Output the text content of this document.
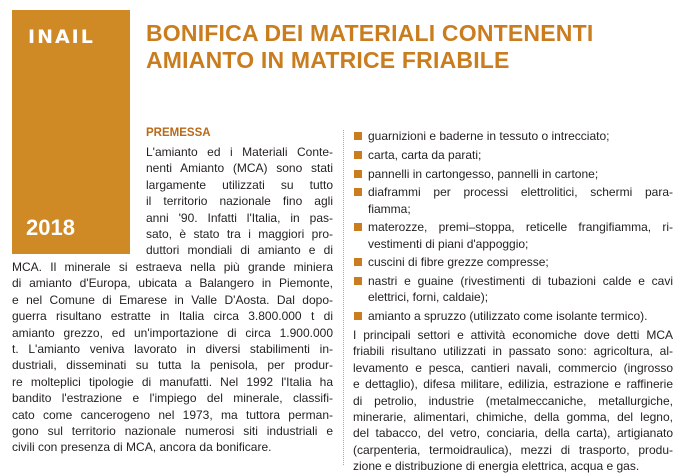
INAIL
2018
BONIFICA DEI MATERIALI CONTENENTI
AMIANTO IN MATRICE FRIABILE
PREMESSA

L'amianto ed i Materiali Conte-
nenti Amianto (MCA) sono stati
largamente utilizzati su tutto
il territorio nazionale fino agli
anni '90. Infatti l'Italia, in pas-
sato, è stato tra i maggiori pro-
duttori mondiali di amianto e di

MCA. Il minerale si estraeva nella più grande miniera
di amianto d'Europa, ubicata a Balangero in Piemonte,
e nel Comune di Emarese in Valle D'Aosta. Dal dopo-
guerra risultano estratte in Italia circa 3.800.000 t di
amianto grezzo, ed un'importazione di circa 1.900.000
t. L'amianto veniva lavorato in diversi stabilimenti in-
dustriali, disseminati su tutta la penisola, per produr-
re molteplici tipologie di manufatti. Nel 1992 l'Italia ha
bandito l'estrazione e l'impiego del minerale, classifi-
cato come cancerogeno nel 1973, ma tuttora perman-
gono sul territorio nazionale numerosi siti industriali e
civili con presenza di MCA, ancora da bonificare.

guarnizioni e baderne in tessuto o intrecciato;
carta, carta da parati;
pannelli in cartongesso, pannelli in cartone;
diaframmi per processi elettrolitici, schermi para-
fiamma;
materozze, premi–stoppa, reticelle frangifiamma, ri-
vestimenti di piani d'appoggio;
cuscini di fibre grezze compresse;
nastri e guaine (rivestimenti di tubazioni calde e cavi
elettrici, forni, caldaie);
amianto a spruzzo (utilizzato come isolante termico).

I principali settori e attività economiche dove detti MCA
friabili risultano utilizzati in passato sono: agricoltura, al-
levamento e pesca, cantieri navali, commercio (ingrosso
e dettaglio), difesa militare, edilizia, estrazione e raffinerie
di petrolio, industrie (metalmeccaniche, metallurgiche,
minerarie, alimentari, chimiche, della gomma, del legno,
del tabacco, del vetro, conciaria, della carta), artigianato
(carpenteria, termoidraulica), mezzi di trasporto, produ-
zione e distribuzione di energia elettrica, acqua e gas.
